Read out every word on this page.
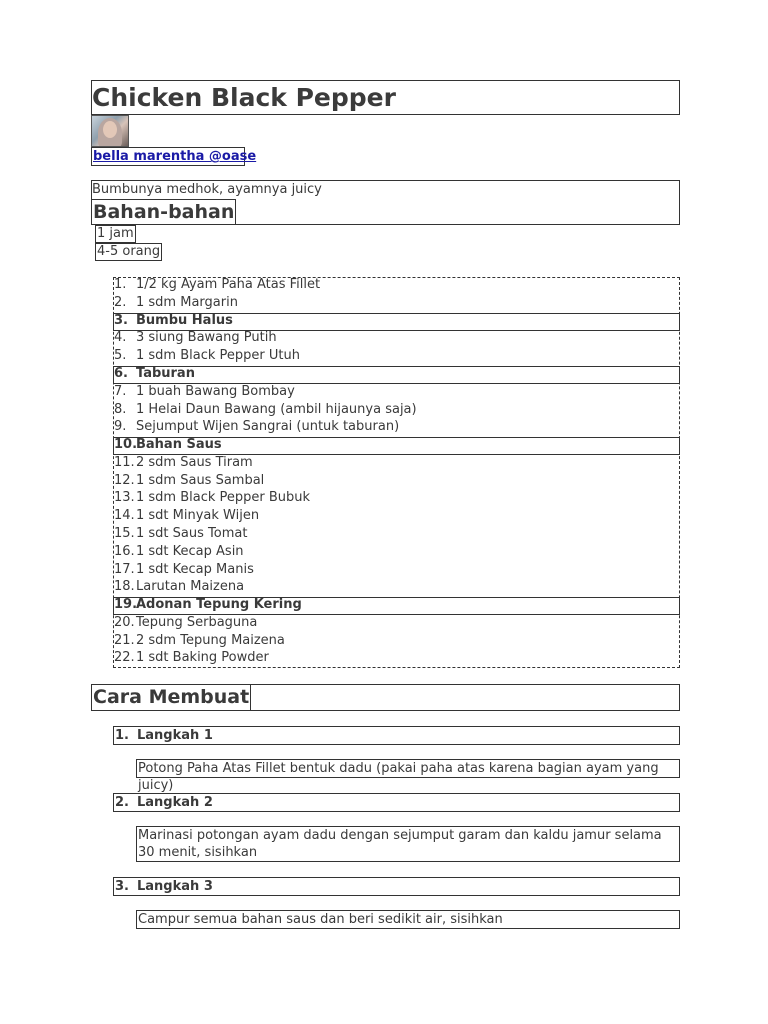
Chicken Black Pepper
bella marentha @oase
Bumbunya medhok, ayamnya juicy
Bahan-bahan
1 jam
4-5 orang
1. 1/2 kg Ayam Paha Atas Fillet
2. 1 sdm Margarin
3. Bumbu Halus
4. 3 siung Bawang Putih
5. 1 sdm Black Pepper Utuh
6. Taburan
7. 1 buah Bawang Bombay
8. 1 Helai Daun Bawang (ambil hijaunya saja)
9. Sejumput Wijen Sangrai (untuk taburan)
10.
Bahan Saus
11. 2 sdm Saus Tiram
12. 1 sdm Saus Sambal
13. 1 sdm Black Pepper Bubuk
14. 1 sdt Minyak Wijen
15. 1 sdt Saus Tomat
16. 1 sdt Kecap Asin
17. 1 sdt Kecap Manis
18. Larutan Maizena
19.
Adonan Tepung Kering
20. Tepung Serbaguna
21. 2 sdm Tepung Maizena
22. 1 sdt Baking Powder
Cara Membuat
1. Langkah 1
Potong Paha Atas Fillet bentuk dadu (pakai paha atas karena bagian ayam yang juicy)
2. Langkah 2
Marinasi potongan ayam dadu dengan sejumput garam dan kaldu jamur selama 30 menit, sisihkan
3. Langkah 3
Campur semua bahan saus dan beri sedikit air, sisihkan
